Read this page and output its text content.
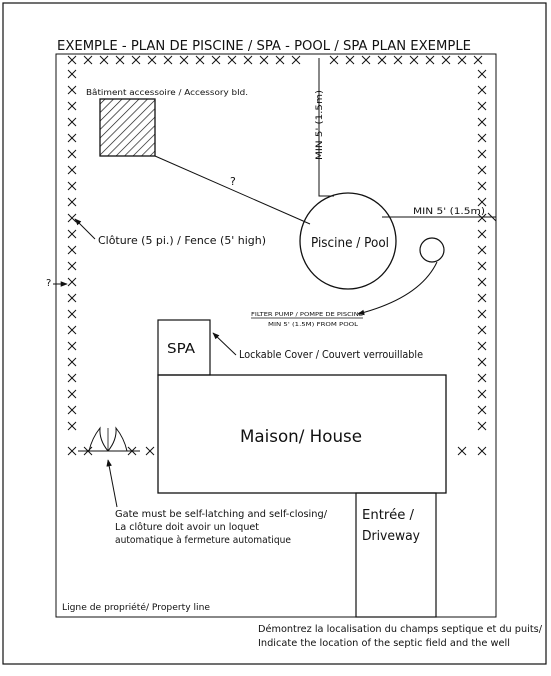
EXEMPLE - PLAN DE PISCINE / SPA - POOL / SPA PLAN EXEMPLE
Bâtiment accessoire / Accessory bld.
?
MIN 5' (1.5m)
MIN 5' (1.5m)
Piscine / Pool
FILTER PUMP / POMPE DE PISCINE
MIN 5' (1.5M) FROM POOL
Clôture (5 pi.) / Fence (5' high)
?
SPA	Lockable Cover / Couvert verrouillable
Maison/ House
Entrée /
Driveway
Gate must be self-latching and self-closing/
La clôture doit avoir un loquet
automatique à fermeture automatique
Ligne de propriété/ Property line
Démontrez la localisation du champs septique et du puits/
Indicate the location of the septic field and the well
